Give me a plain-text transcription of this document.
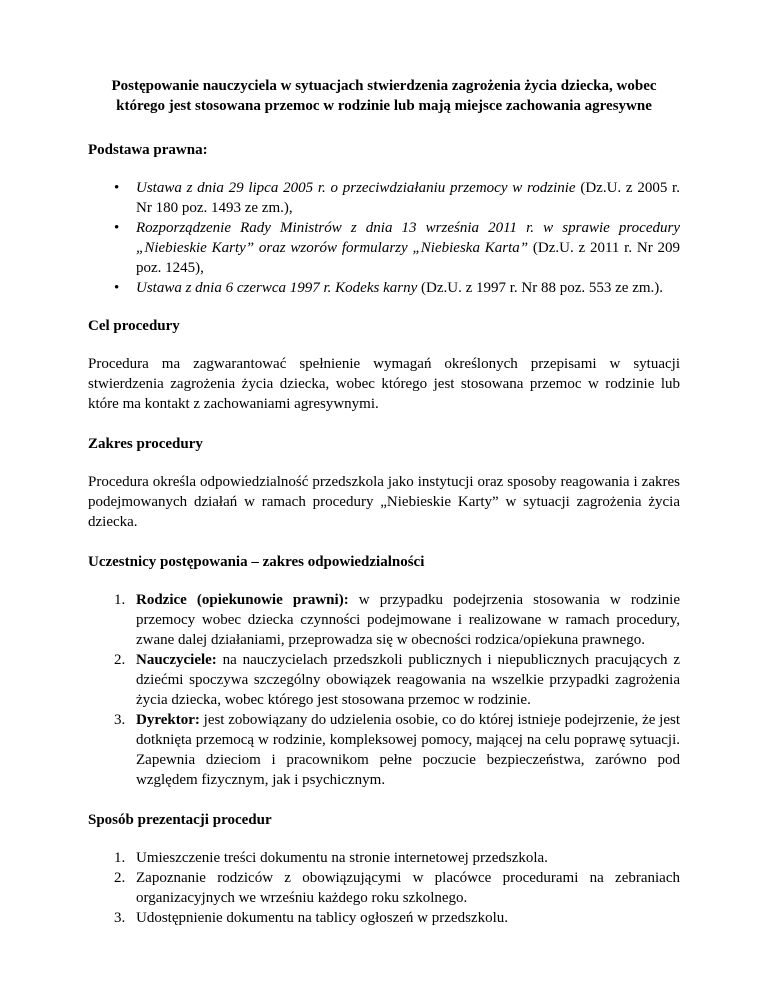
Postępowanie nauczyciela w sytuacjach stwierdzenia zagrożenia życia dziecka, wobec
którego jest stosowana przemoc w rodzinie lub mają miejsce zachowania agresywne
Podstawa prawna:
• Ustawa z dnia 29 lipca 2005 r. o przeciwdziałaniu przemocy w rodzinie (Dz.U. z 2005 r. Nr 180 poz. 1493 ze zm.),
• Rozporządzenie Rady Ministrów z dnia 13 września 2011 r. w sprawie procedury „Niebieskie Karty” oraz wzorów formularzy „Niebieska Karta” (Dz.U. z 2011 r. Nr 209 poz. 1245),
• Ustawa z dnia 6 czerwca 1997 r. Kodeks karny (Dz.U. z 1997 r. Nr 88 poz. 553 ze zm.).
Cel procedury

Procedura ma zagwarantować spełnienie wymagań określonych przepisami w sytuacji stwierdzenia zagrożenia życia dziecka, wobec którego jest stosowana przemoc w rodzinie lub które ma kontakt z zachowaniami agresywnymi.

Zakres procedury

Procedura określa odpowiedzialność przedszkola jako instytucji oraz sposoby reagowania i zakres podejmowanych działań w ramach procedury „Niebieskie Karty” w sytuacji zagrożenia życia dziecka.

Uczestnicy postępowania – zakres odpowiedzialności
1. Rodzice (opiekunowie prawni): w przypadku podejrzenia stosowania w rodzinie przemocy wobec dziecka czynności podejmowane i realizowane w ramach procedury, zwane dalej działaniami, przeprowadza się w obecności rodzica/opiekuna prawnego.
2. Nauczyciele: na nauczycielach przedszkoli publicznych i niepublicznych pracujących z dziećmi spoczywa szczególny obowiązek reagowania na wszelkie przypadki zagrożenia życia dziecka, wobec którego jest stosowana przemoc w rodzinie.
3. Dyrektor: jest zobowiązany do udzielenia osobie, co do której istnieje podejrzenie, że jest dotknięta przemocą w rodzinie, kompleksowej pomocy, mającej na celu poprawę sytuacji. Zapewnia dzieciom i pracownikom pełne poczucie bezpieczeństwa, zarówno pod względem fizycznym, jak i psychicznym.
Sposób prezentacji procedur
1. Umieszczenie treści dokumentu na stronie internetowej przedszkola.
2. Zapoznanie rodziców z obowiązującymi w placówce procedurami na zebraniach organizacyjnych we wrześniu każdego roku szkolnego.
3. Udostępnienie dokumentu na tablicy ogłoszeń w przedszkolu.
